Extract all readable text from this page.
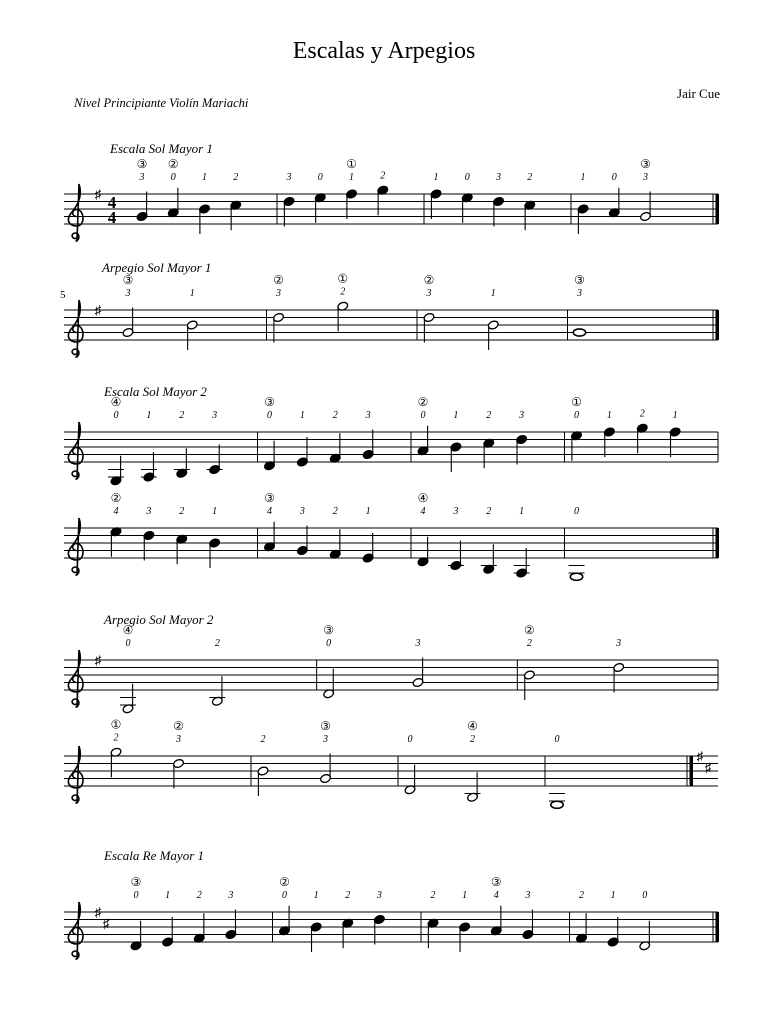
Escalas y Arpegios
Nivel Principiante Violín Mariachi
Jair Cue
Escala Sol Mayor 1
Arpegio Sol Mayor 1
Escala Sol Mayor 2
Arpegio Sol Mayor 2
Escala Re Mayor 1
♯ 4
4
3
③
0
②
1	2	3	0	1
①
2	1	0	3	2	1	0	3
③
♯
5	3
③
1	3
②
2
①
3
②
1	3
③
0
④
1	2	3	0
③
1	2	3	0
②
1	2	3	0
①
1	2	1
4
②
3	2	1	4
③
3	2	1	4
④
3	2	1	0
♯
0
④
2	0
③
3	2
②
3
2
①
3
②
2	3
③
0	2
④
0
♯
♯
♯
♯
0
③
1	2	3	0
②
1	2	3	2	1	4
③
3	2	1	0
